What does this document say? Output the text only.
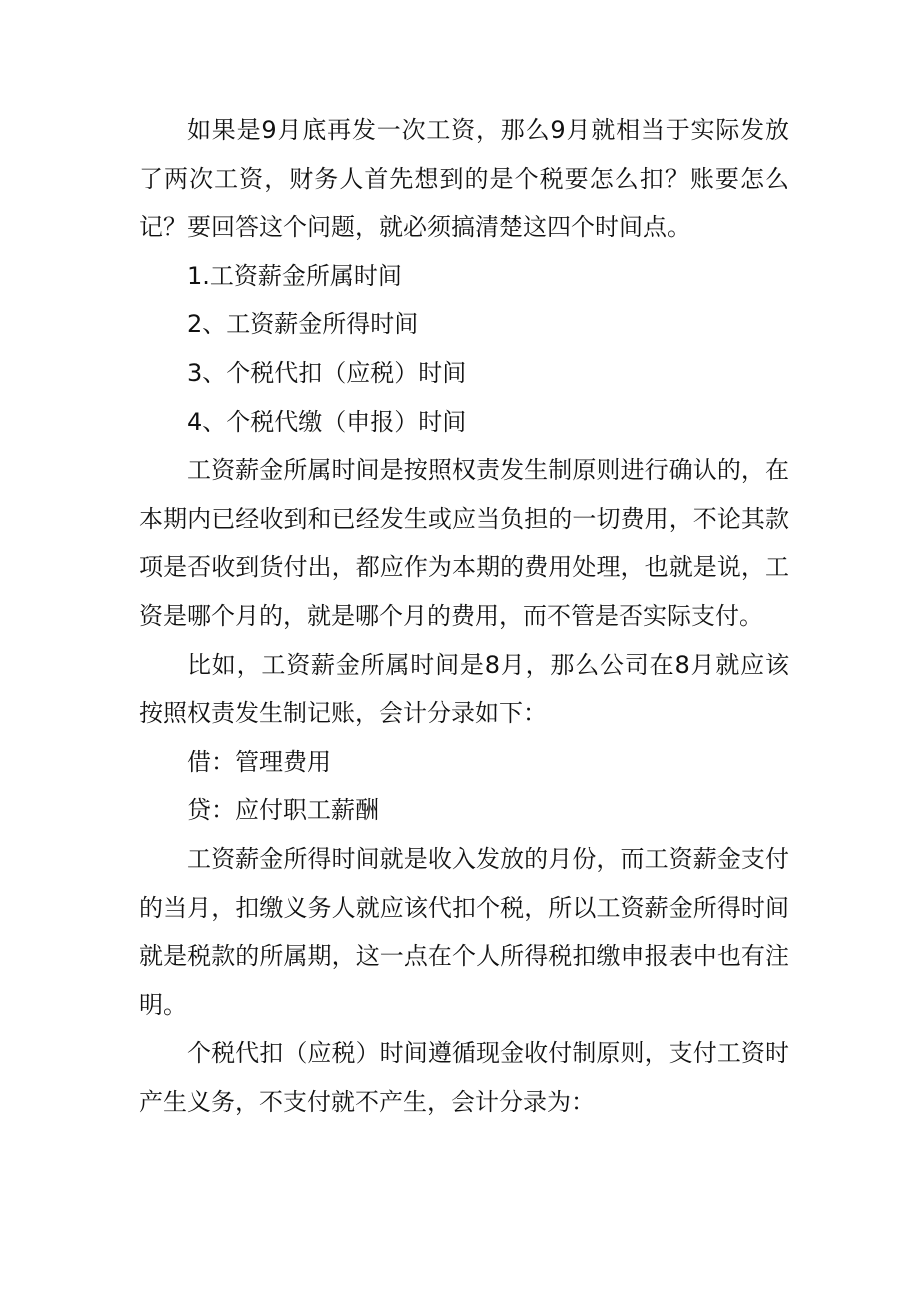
如果是9月底再发一次工资，那么9月就相当于实际发放了两次工资，财务人首先想到的是个税要怎么扣？账要怎么记？要回答这个问题，就必须搞清楚这四个时间点。

1.工资薪金所属时间

2、工资薪金所得时间

3、个税代扣（应税）时间

4、个税代缴（申报）时间

工资薪金所属时间是按照权责发生制原则进行确认的，在本期内已经收到和已经发生或应当负担的一切费用，不论其款项是否收到货付出，都应作为本期的费用处理，也就是说，工资是哪个月的，就是哪个月的费用，而不管是否实际支付。

比如，工资薪金所属时间是8月，那么公司在8月就应该按照权责发生制记账，会计分录如下：

借：管理费用

贷：应付职工薪酬

工资薪金所得时间就是收入发放的月份，而工资薪金支付的当月，扣缴义务人就应该代扣个税，所以工资薪金所得时间就是税款的所属期，这一点在个人所得税扣缴申报表中也有注明。

个税代扣（应税）时间遵循现金收付制原则，支付工资时产生义务，不支付就不产生，会计分录为：
